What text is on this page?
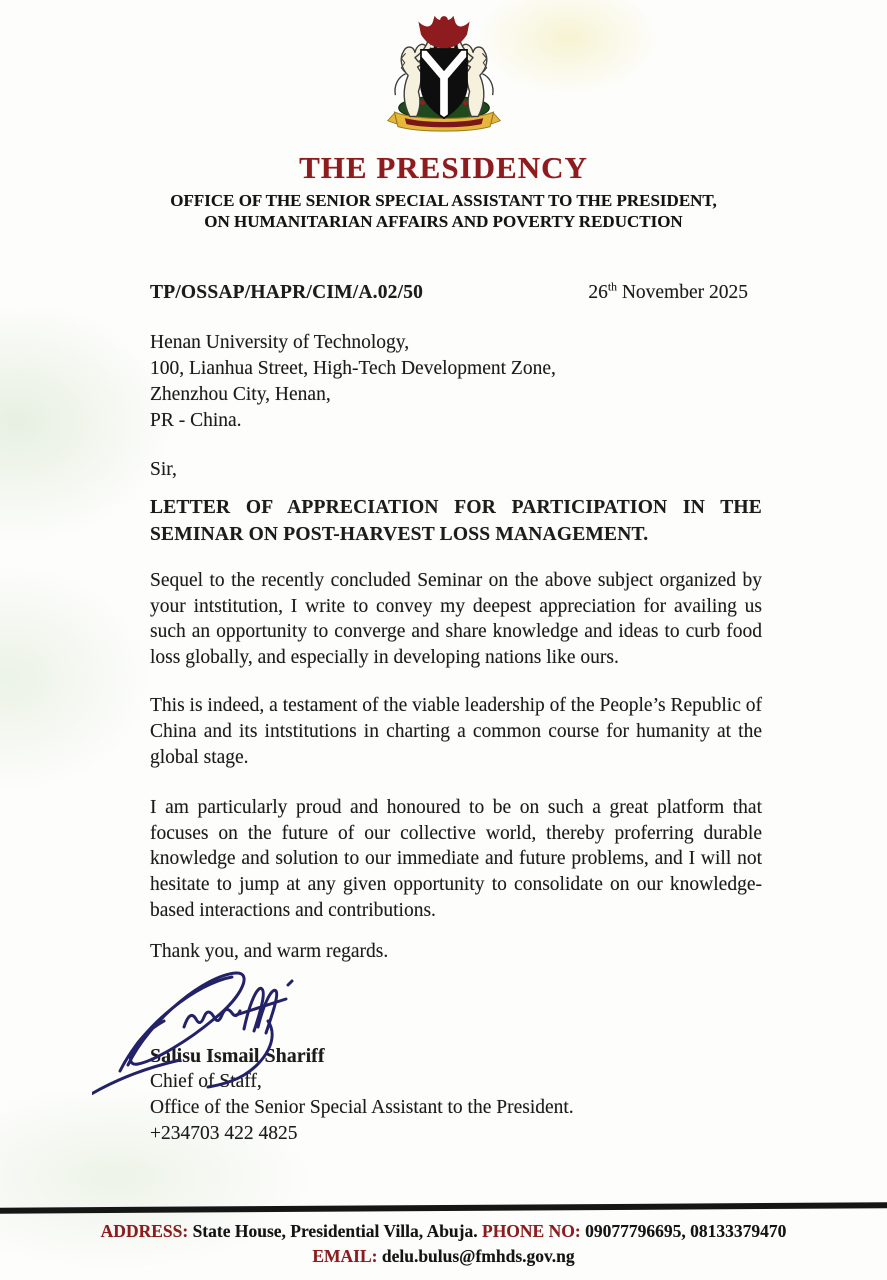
THE PRESIDENCY
OFFICE OF THE SENIOR SPECIAL ASSISTANT TO THE PRESIDENT,
ON HUMANITARIAN AFFAIRS AND POVERTY REDUCTION
TP/OSSAP/HAPR/CIM/A.02/50	26th November 2025
Henan University of Technology,
100, Lianhua Street, High-Tech Development Zone,
Zhenzhou City, Henan,
PR - China.
Sir,
LETTER OF APPRECIATION FOR PARTICIPATION IN THE
SEMINAR ON POST-HARVEST LOSS MANAGEMENT.
Sequel to the recently concluded Seminar on the above subject organized by your intstitution, I write to convey my deepest appreciation for availing us such an opportunity to converge and share knowledge and ideas to curb food loss globally, and especially in developing nations like ours.
This is indeed, a testament of the viable leadership of the People’s Republic of China and its intstitutions in charting a common course for humanity at the global stage.
I am particularly proud and honoured to be on such a great platform that focuses on the future of our collective world, thereby proferring durable knowledge and solution to our immediate and future problems, and I will not hesitate to jump at any given opportunity to consolidate on our knowledge-based interactions and contributions.
Thank you, and warm regards.
Salisu Ismail Shariff
Chief of Staff,
Office of the Senior Special Assistant to the President.
+234703 422 4825
ADDRESS: State House, Presidential Villa, Abuja. PHONE NO: 09077796695, 08133379470
EMAIL: delu.bulus@fmhds.gov.ng
